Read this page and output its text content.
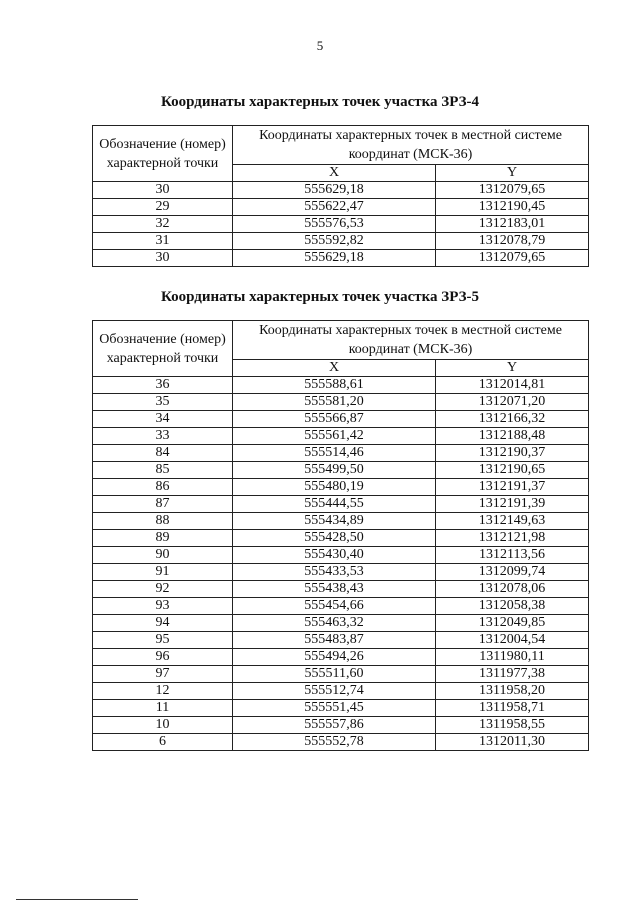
5
Координаты характерных точек участка ЗРЗ-4
Обозначение (номер) характерной точки	Координаты характерных точек в местной системе координат (МСК-36)	
	X	Y
30	555629,18	1312079,65
29	555622,47	1312190,45
32	555576,53	1312183,01
31	555592,82	1312078,79
30	555629,18	1312079,65
Координаты характерных точек участка ЗРЗ-5
Обозначение (номер) характерной точки	Координаты характерных точек в местной системе координат (МСК-36)	
	X	Y
36	555588,61	1312014,81
35	555581,20	1312071,20
34	555566,87	1312166,32
33	555561,42	1312188,48
84	555514,46	1312190,37
85	555499,50	1312190,65
86	555480,19	1312191,37
87	555444,55	1312191,39
88	555434,89	1312149,63
89	555428,50	1312121,98
90	555430,40	1312113,56
91	555433,53	1312099,74
92	555438,43	1312078,06
93	555454,66	1312058,38
94	555463,32	1312049,85
95	555483,87	1312004,54
96	555494,26	1311980,11
97	555511,60	1311977,38
12	555512,74	1311958,20
11	555551,45	1311958,71
10	555557,86	1311958,55
6	555552,78	1312011,30
